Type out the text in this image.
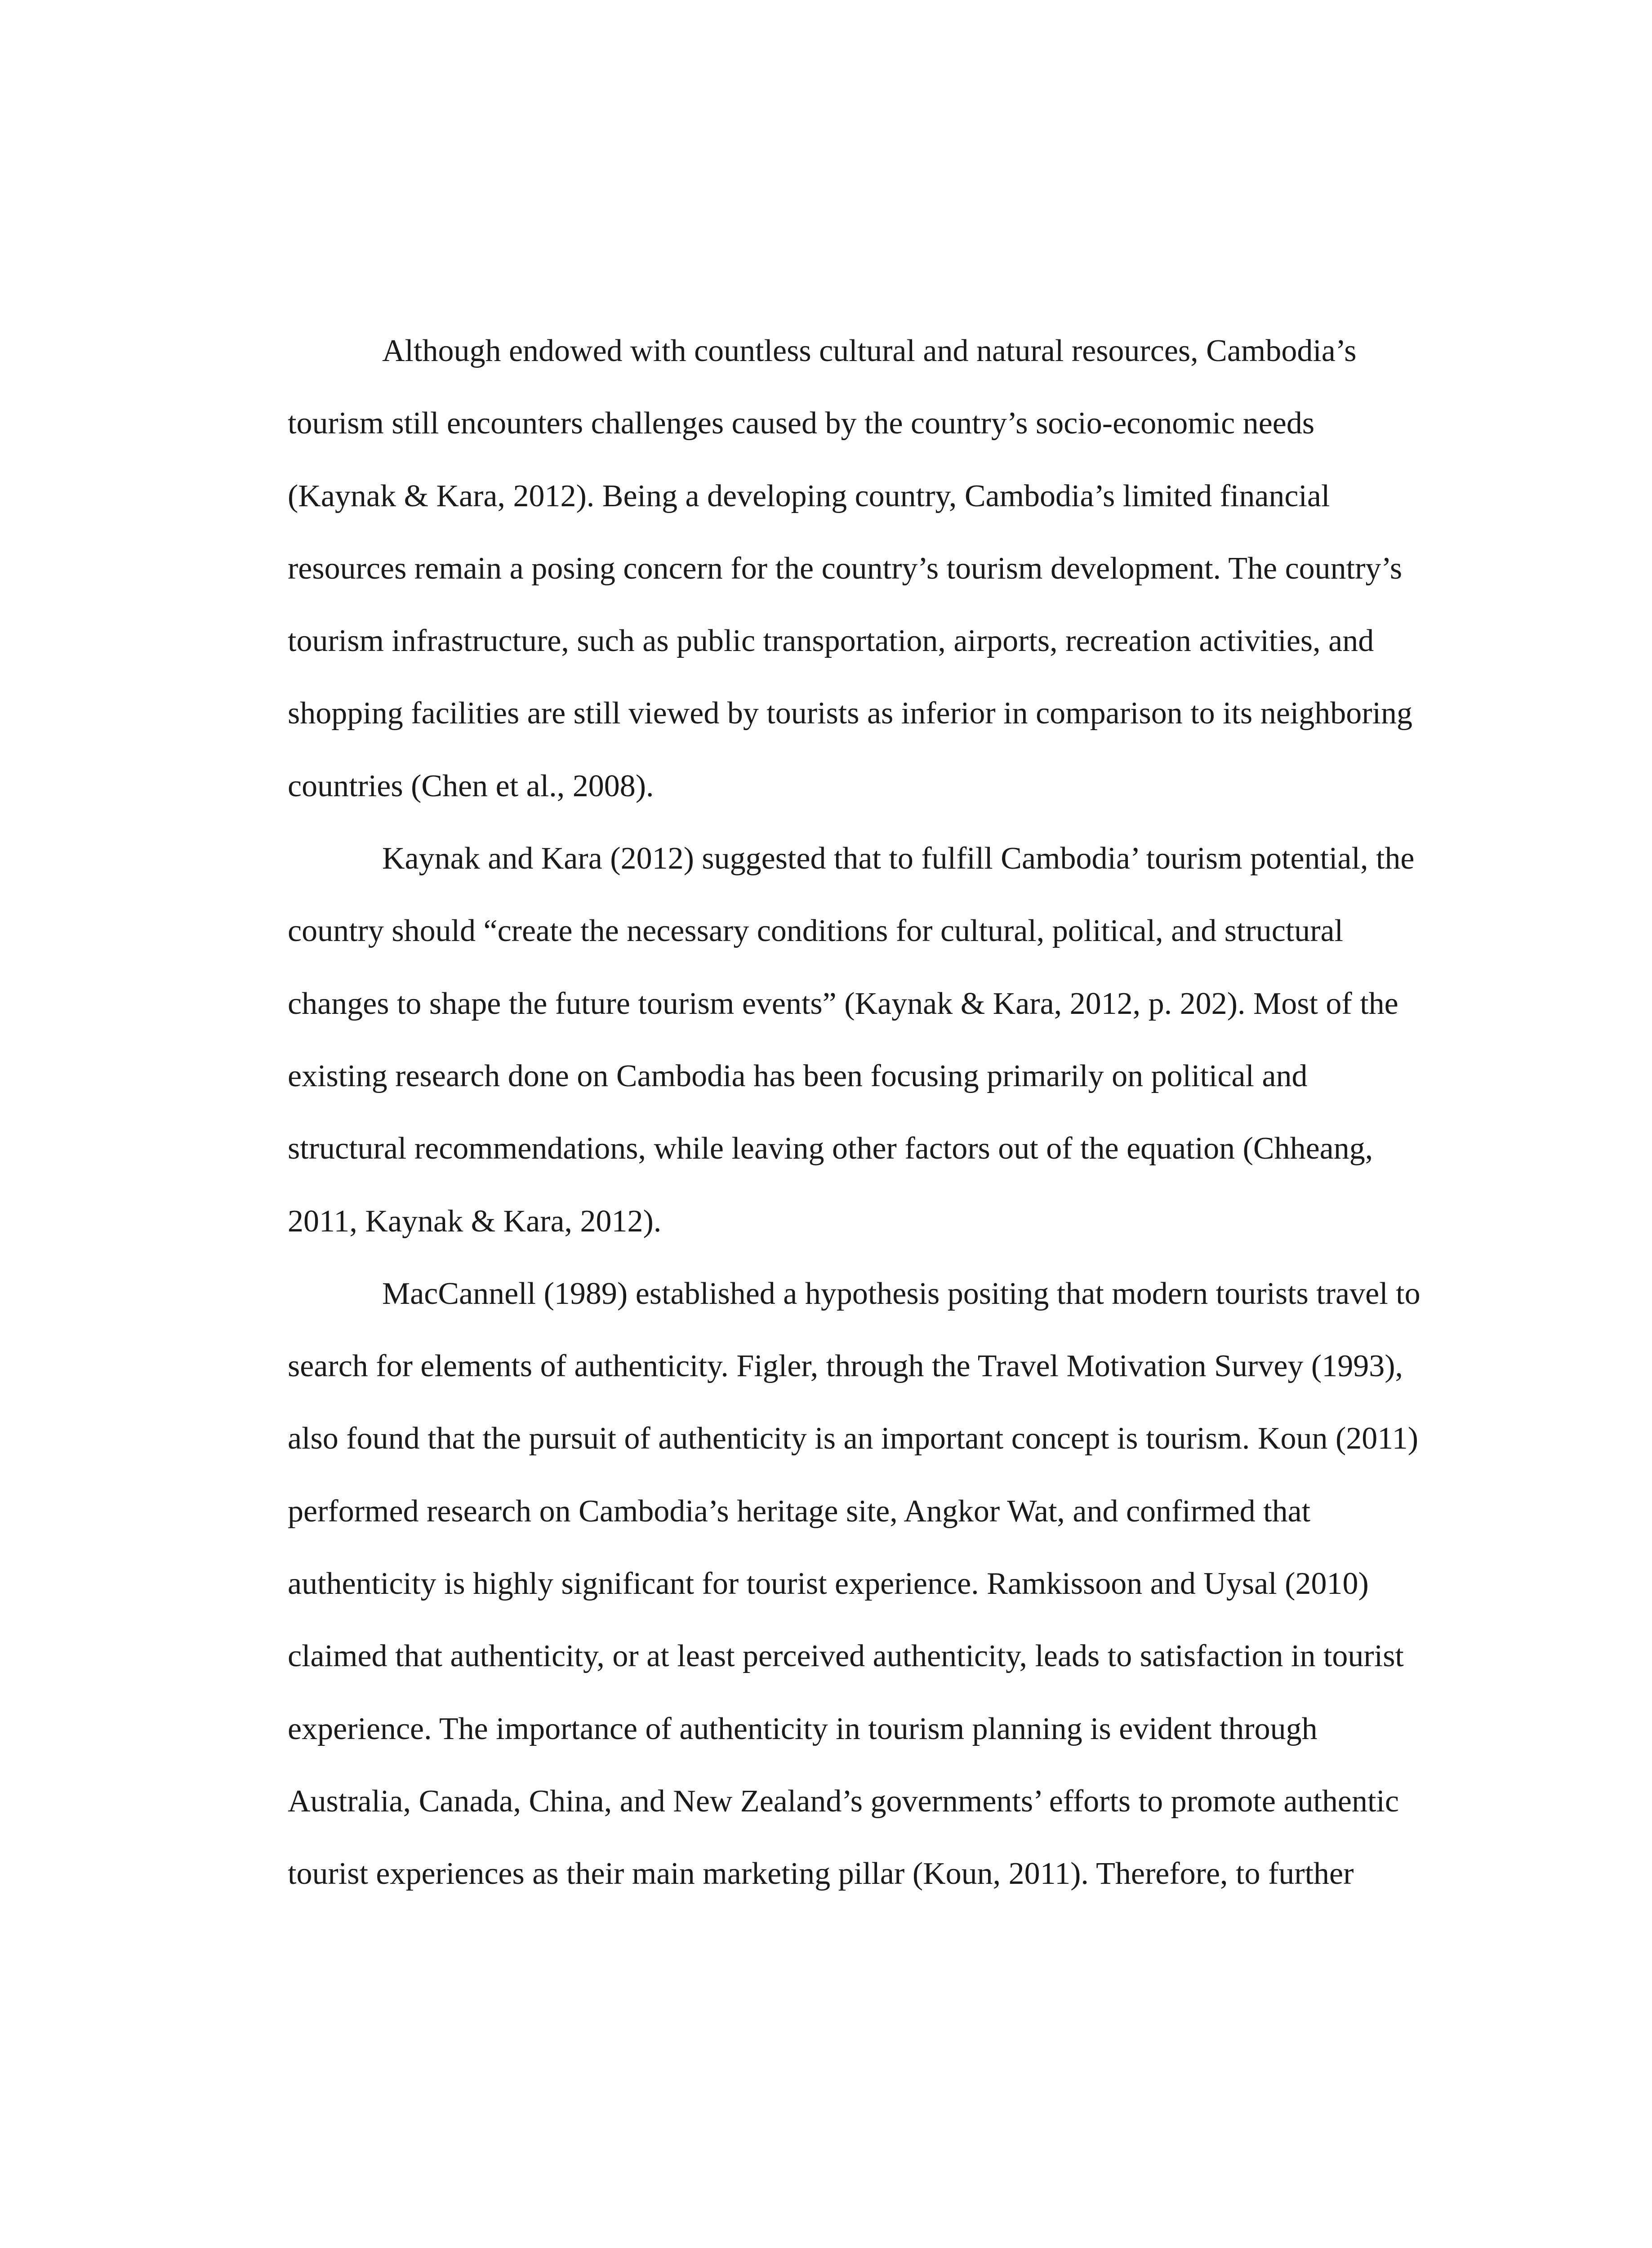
Although endowed with countless cultural and natural resources, Cambodia’s
tourism still encounters challenges caused by the country’s socio-economic needs
(Kaynak & Kara, 2012). Being a developing country, Cambodia’s limited financial
resources remain a posing concern for the country’s tourism development. The country’s
tourism infrastructure, such as public transportation, airports, recreation activities, and
shopping facilities are still viewed by tourists as inferior in comparison to its neighboring
countries (Chen et al., 2008).
Kaynak and Kara (2012) suggested that to fulfill Cambodia’ tourism potential, the
country should “create the necessary conditions for cultural, political, and structural
changes to shape the future tourism events” (Kaynak & Kara, 2012, p. 202). Most of the
existing research done on Cambodia has been focusing primarily on political and
structural recommendations, while leaving other factors out of the equation (Chheang,
2011, Kaynak & Kara, 2012).
MacCannell (1989) established a hypothesis positing that modern tourists travel to
search for elements of authenticity. Figler, through the Travel Motivation Survey (1993),
also found that the pursuit of authenticity is an important concept is tourism. Koun (2011)
performed research on Cambodia’s heritage site, Angkor Wat, and confirmed that
authenticity is highly significant for tourist experience. Ramkissoon and Uysal (2010)
claimed that authenticity, or at least perceived authenticity, leads to satisfaction in tourist
experience. The importance of authenticity in tourism planning is evident through
Australia, Canada, China, and New Zealand’s governments’ efforts to promote authentic
tourist experiences as their main marketing pillar (Koun, 2011). Therefore, to further
